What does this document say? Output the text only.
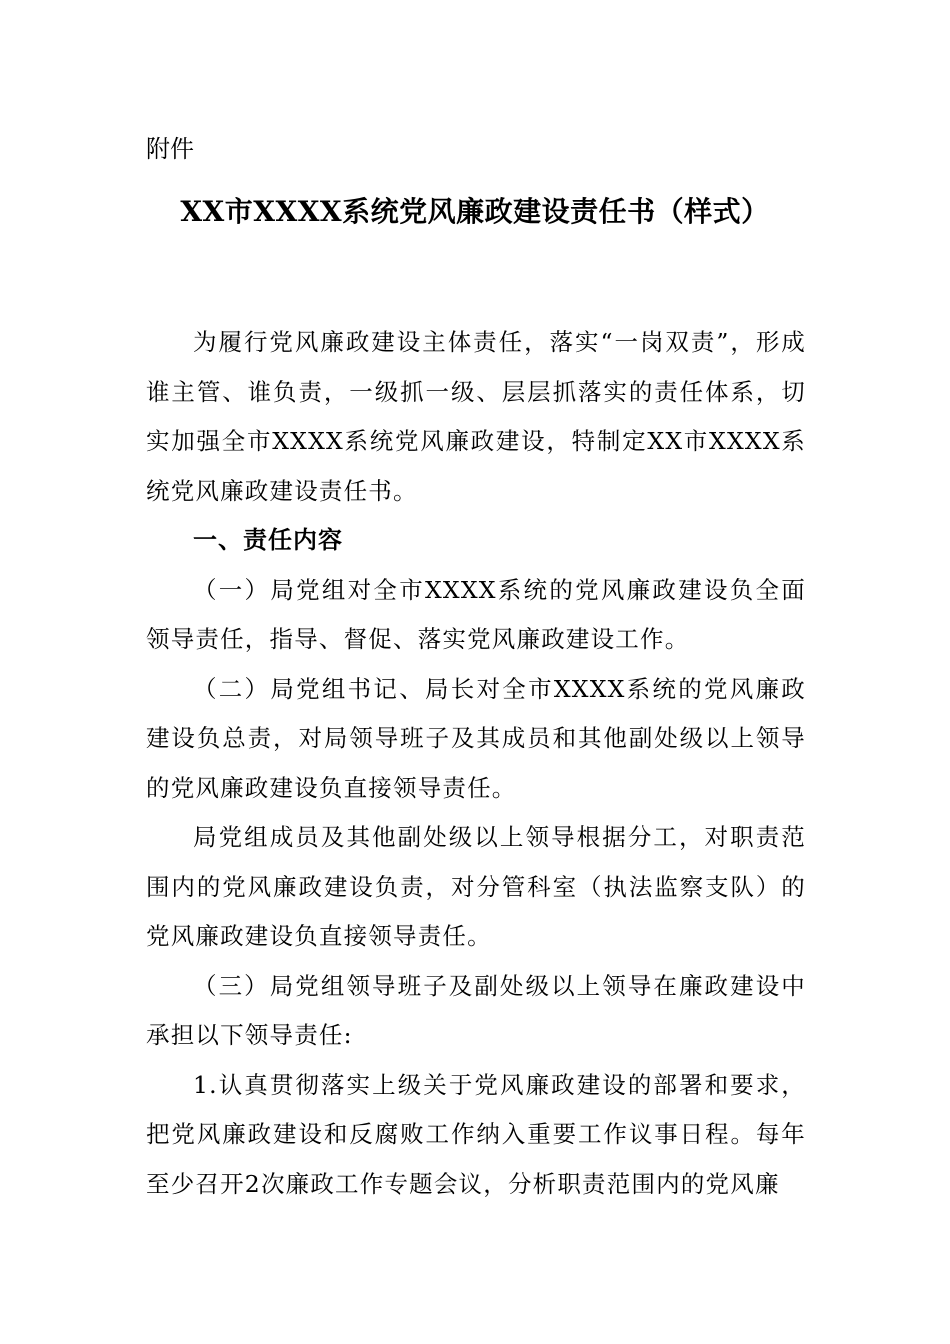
附件
XX市XXXX系统党风廉政建设责任书（样式）

为履行党风廉政建设主体责任，落实“一岗双责”，形成谁主管、谁负责，一级抓一级、层层抓落实的责任体系，切实加强全市XXXX系统党风廉政建设，特制定XX市XXXX系统党风廉政建设责任书。

一、责任内容

（一）局党组对全市XXXX系统的党风廉政建设负全面领导责任，指导、督促、落实党风廉政建设工作。

（二）局党组书记、局长对全市XXXX系统的党风廉政建设负总责，对局领导班子及其成员和其他副处级以上领导的党风廉政建设负直接领导责任。

局党组成员及其他副处级以上领导根据分工，对职责范围内的党风廉政建设负责，对分管科室（执法监察支队）的党风廉政建设负直接领导责任。

（三）局党组领导班子及副处级以上领导在廉政建设中承担以下领导责任:

1.认真贯彻落实上级关于党风廉政建设的部署和要求，把党风廉政建设和反腐败工作纳入重要工作议事日程。每年至少召开2次廉政工作专题会议，分析职责范围内的党风廉
